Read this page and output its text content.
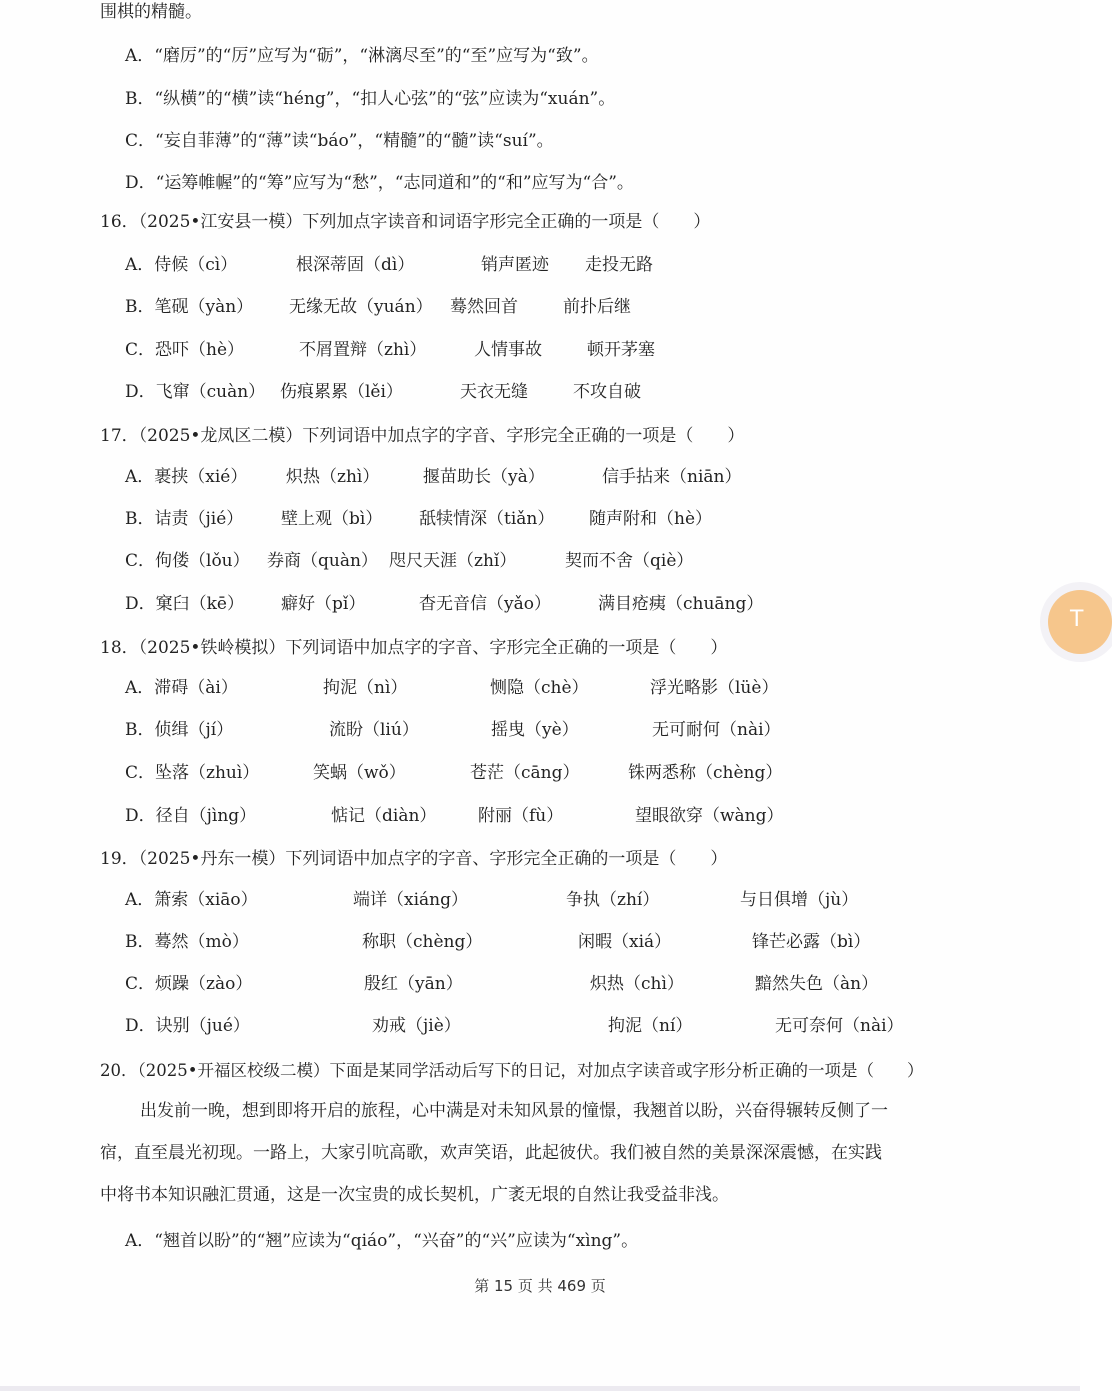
围棋的精髓。
A．“磨厉”的“厉”应写为“砺”，“淋漓尽至”的“至”应写为“致”。
B．“纵横”的“横”读“héng”，“扣人心弦”的“弦”应读为“xuán”。
C．“妄自菲薄”的“薄”读“báo”，“精髓”的“髓”读“suí”。
D．“运筹帷幄”的“筹”应写为“愁”，“志同道和”的“和”应写为“合”。
16．（2025•江安县一模）下列加点字读音和词语字形完全正确的一项是（　　）
A．侍候（cì）	根深蒂固（dì）	销声匿迹 走投无路
B．笔砚（yàn） 无缘无故（yuán） 蓦然回首	前扑后继
C．恐吓（hè）	不屑置辩（zhì）	人情事故	顿开茅塞
D．飞窜（cuàn） 伤痕累累（lěi）	天衣无缝	不攻自破
17．（2025•龙凤区二模）下列词语中加点字的字音、字形完全正确的一项是（　　）
A．裹挟（xié） 炽热（zhì）	揠苗助长（yà）	信手拈来（niān）
B．诘责（jié） 壁上观（bì） 舐犊情深（tiǎn） 随声附和（hè）
C．佝偻（lǒu） 券商（quàn） 咫尺天涯（zhǐ）	契而不舍（qiè）
D．窠臼（kē） 癖好（pǐ）	杳无音信（yǎo）	满目疮痍（chuāng）
18．（2025•铁岭模拟）下列词语中加点字的字音、字形完全正确的一项是（　　）
A．滞碍（ài）	拘泥（nì）	恻隐（chè）	浮光略影（lüè）
B．侦缉（jí）	流盼（liú）	摇曳（yè）	无可耐何（nài）
C．坠落（zhuì）	笑蜗（wǒ）	苍茫（cāng）	铢两悉称（chèng）
D．径自（jìng）	惦记（diàn） 附丽（fù）	望眼欲穿（wàng）
19．（2025•丹东一模）下列词语中加点字的字音、字形完全正确的一项是（　　）
A．箫索（xiāo）	端详（xiáng）	争执（zhí）	与日俱增（jù）
B．蓦然（mò）	称职（chèng）	闲暇（xiá）	锋芒必露（bì）
C．烦躁（zào）	殷红（yān）	炽热（chì）	黯然失色（àn）
D．诀别（jué）	劝戒（jiè）	拘泥（ní）	无可奈何（nài）
20．（2025•开福区校级二模）下面是某同学活动后写下的日记，对加点字读音或字形分析正确的一项是（　　）
出发前一晚，想到即将开启的旅程，心中满是对未知风景的憧憬，我翘首以盼，兴奋得辗转反侧了一
宿，直至晨光初现。一路上，大家引吭高歌，欢声笑语，此起彼伏。我们被自然的美景深深震憾，在实践
中将书本知识融汇贯通，这是一次宝贵的成长契机，广袤无垠的自然让我受益非浅。
A．“翘首以盼”的“翘”应读为“qiáo”，“兴奋”的“兴”应读为“xìng”。
第 15 页 共 469 页
T
